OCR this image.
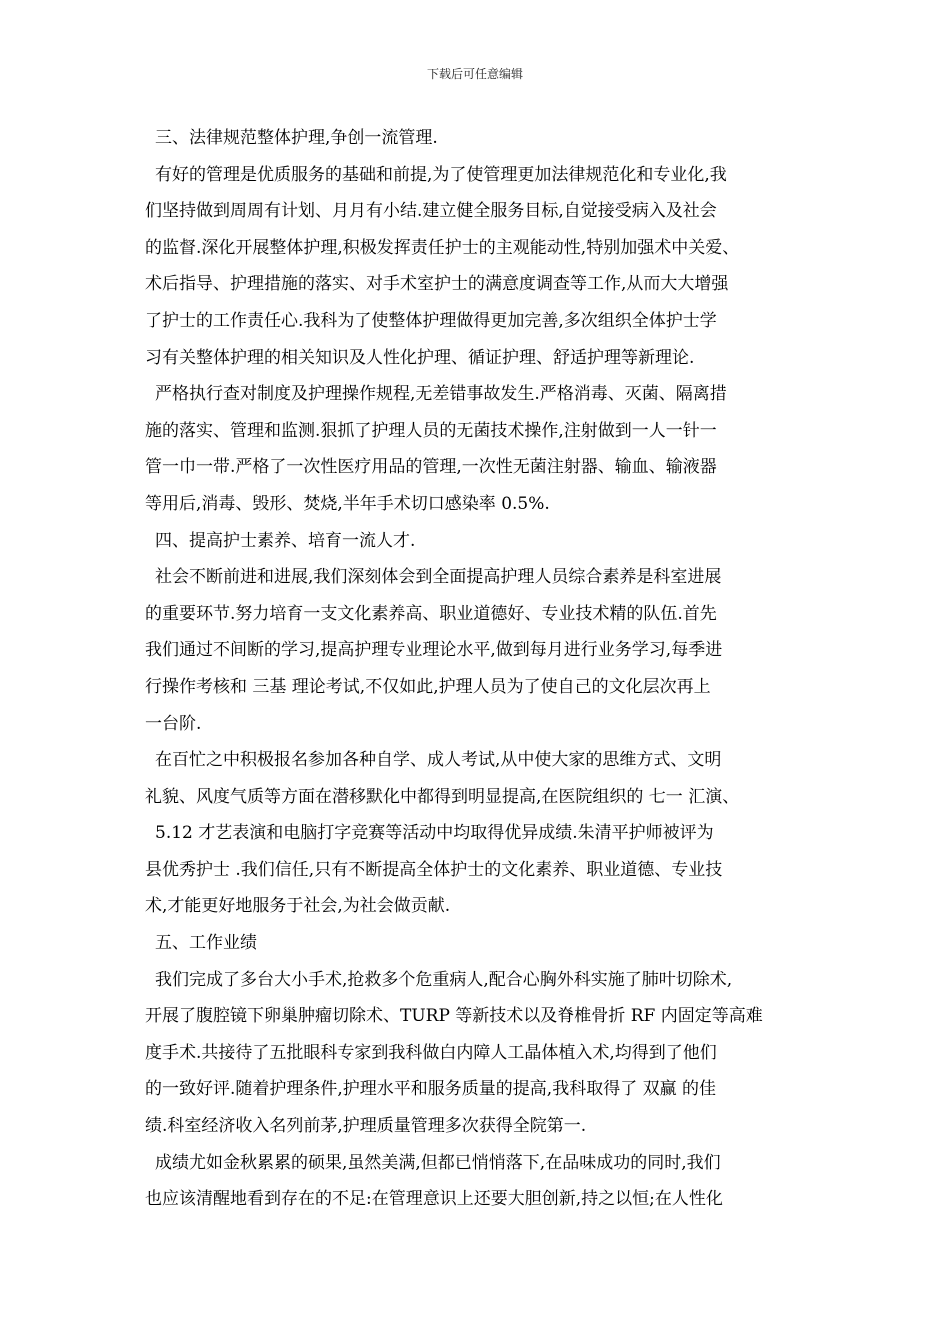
下载后可任意编辑
三、法律规范整体护理,争创一流管理.
有好的管理是优质服务的基础和前提,为了使管理更加法律规范化和专业化,我
们坚持做到周周有计划、月月有小结.建立健全服务目标,自觉接受病入及社会
的监督.深化开展整体护理,积极发挥责任护士的主观能动性,特别加强术中关爱、
术后指导、护理措施的落实、对手术室护士的满意度调查等工作,从而大大增强
了护士的工作责任心.我科为了使整体护理做得更加完善,多次组织全体护士学
习有关整体护理的相关知识及人性化护理、循证护理、舒适护理等新理论.
严格执行查对制度及护理操作规程,无差错事故发生.严格消毒、灭菌、隔离措
施的落实、管理和监测.狠抓了护理人员的无菌技术操作,注射做到一人一针一
管一巾一带.严格了一次性医疗用品的管理,一次性无菌注射器、输血、输液器
等用后,消毒、毁形、焚烧,半年手术切口感染率 0.5%.
四、提高护士素养、培育一流人才.
社会不断前进和进展,我们深刻体会到全面提高护理人员综合素养是科室进展
的重要环节.努力培育一支文化素养高、职业道德好、专业技术精的队伍.首先
我们通过不间断的学习,提高护理专业理论水平,做到每月进行业务学习,每季进
行操作考核和 三基 理论考试,不仅如此,护理人员为了使自己的文化层次再上
一台阶.
在百忙之中积极报名参加各种自学、成人考试,从中使大家的思维方式、文明
礼貌、风度气质等方面在潜移默化中都得到明显提高,在医院组织的 七一 汇演、
5.12 才艺表演和电脑打字竞赛等活动中均取得优异成绩.朱清平护师被评为
县优秀护士 .我们信任,只有不断提高全体护士的文化素养、职业道德、专业技
术,才能更好地服务于社会,为社会做贡献.
五、工作业绩
我们完成了多台大小手术,抢救多个危重病人,配合心胸外科实施了肺叶切除术,
开展了腹腔镜下卵巢肿瘤切除术、TURP 等新技术以及脊椎骨折 RF 内固定等高难
度手术.共接待了五批眼科专家到我科做白内障人工晶体植入术,均得到了他们
的一致好评.随着护理条件,护理水平和服务质量的提高,我科取得了 双赢 的佳
绩.科室经济收入名列前茅,护理质量管理多次获得全院第一.
成绩尤如金秋累累的硕果,虽然美满,但都已悄悄落下,在品味成功的同时,我们
也应该清醒地看到存在的不足:在管理意识上还要大胆创新,持之以恒;在人性化
